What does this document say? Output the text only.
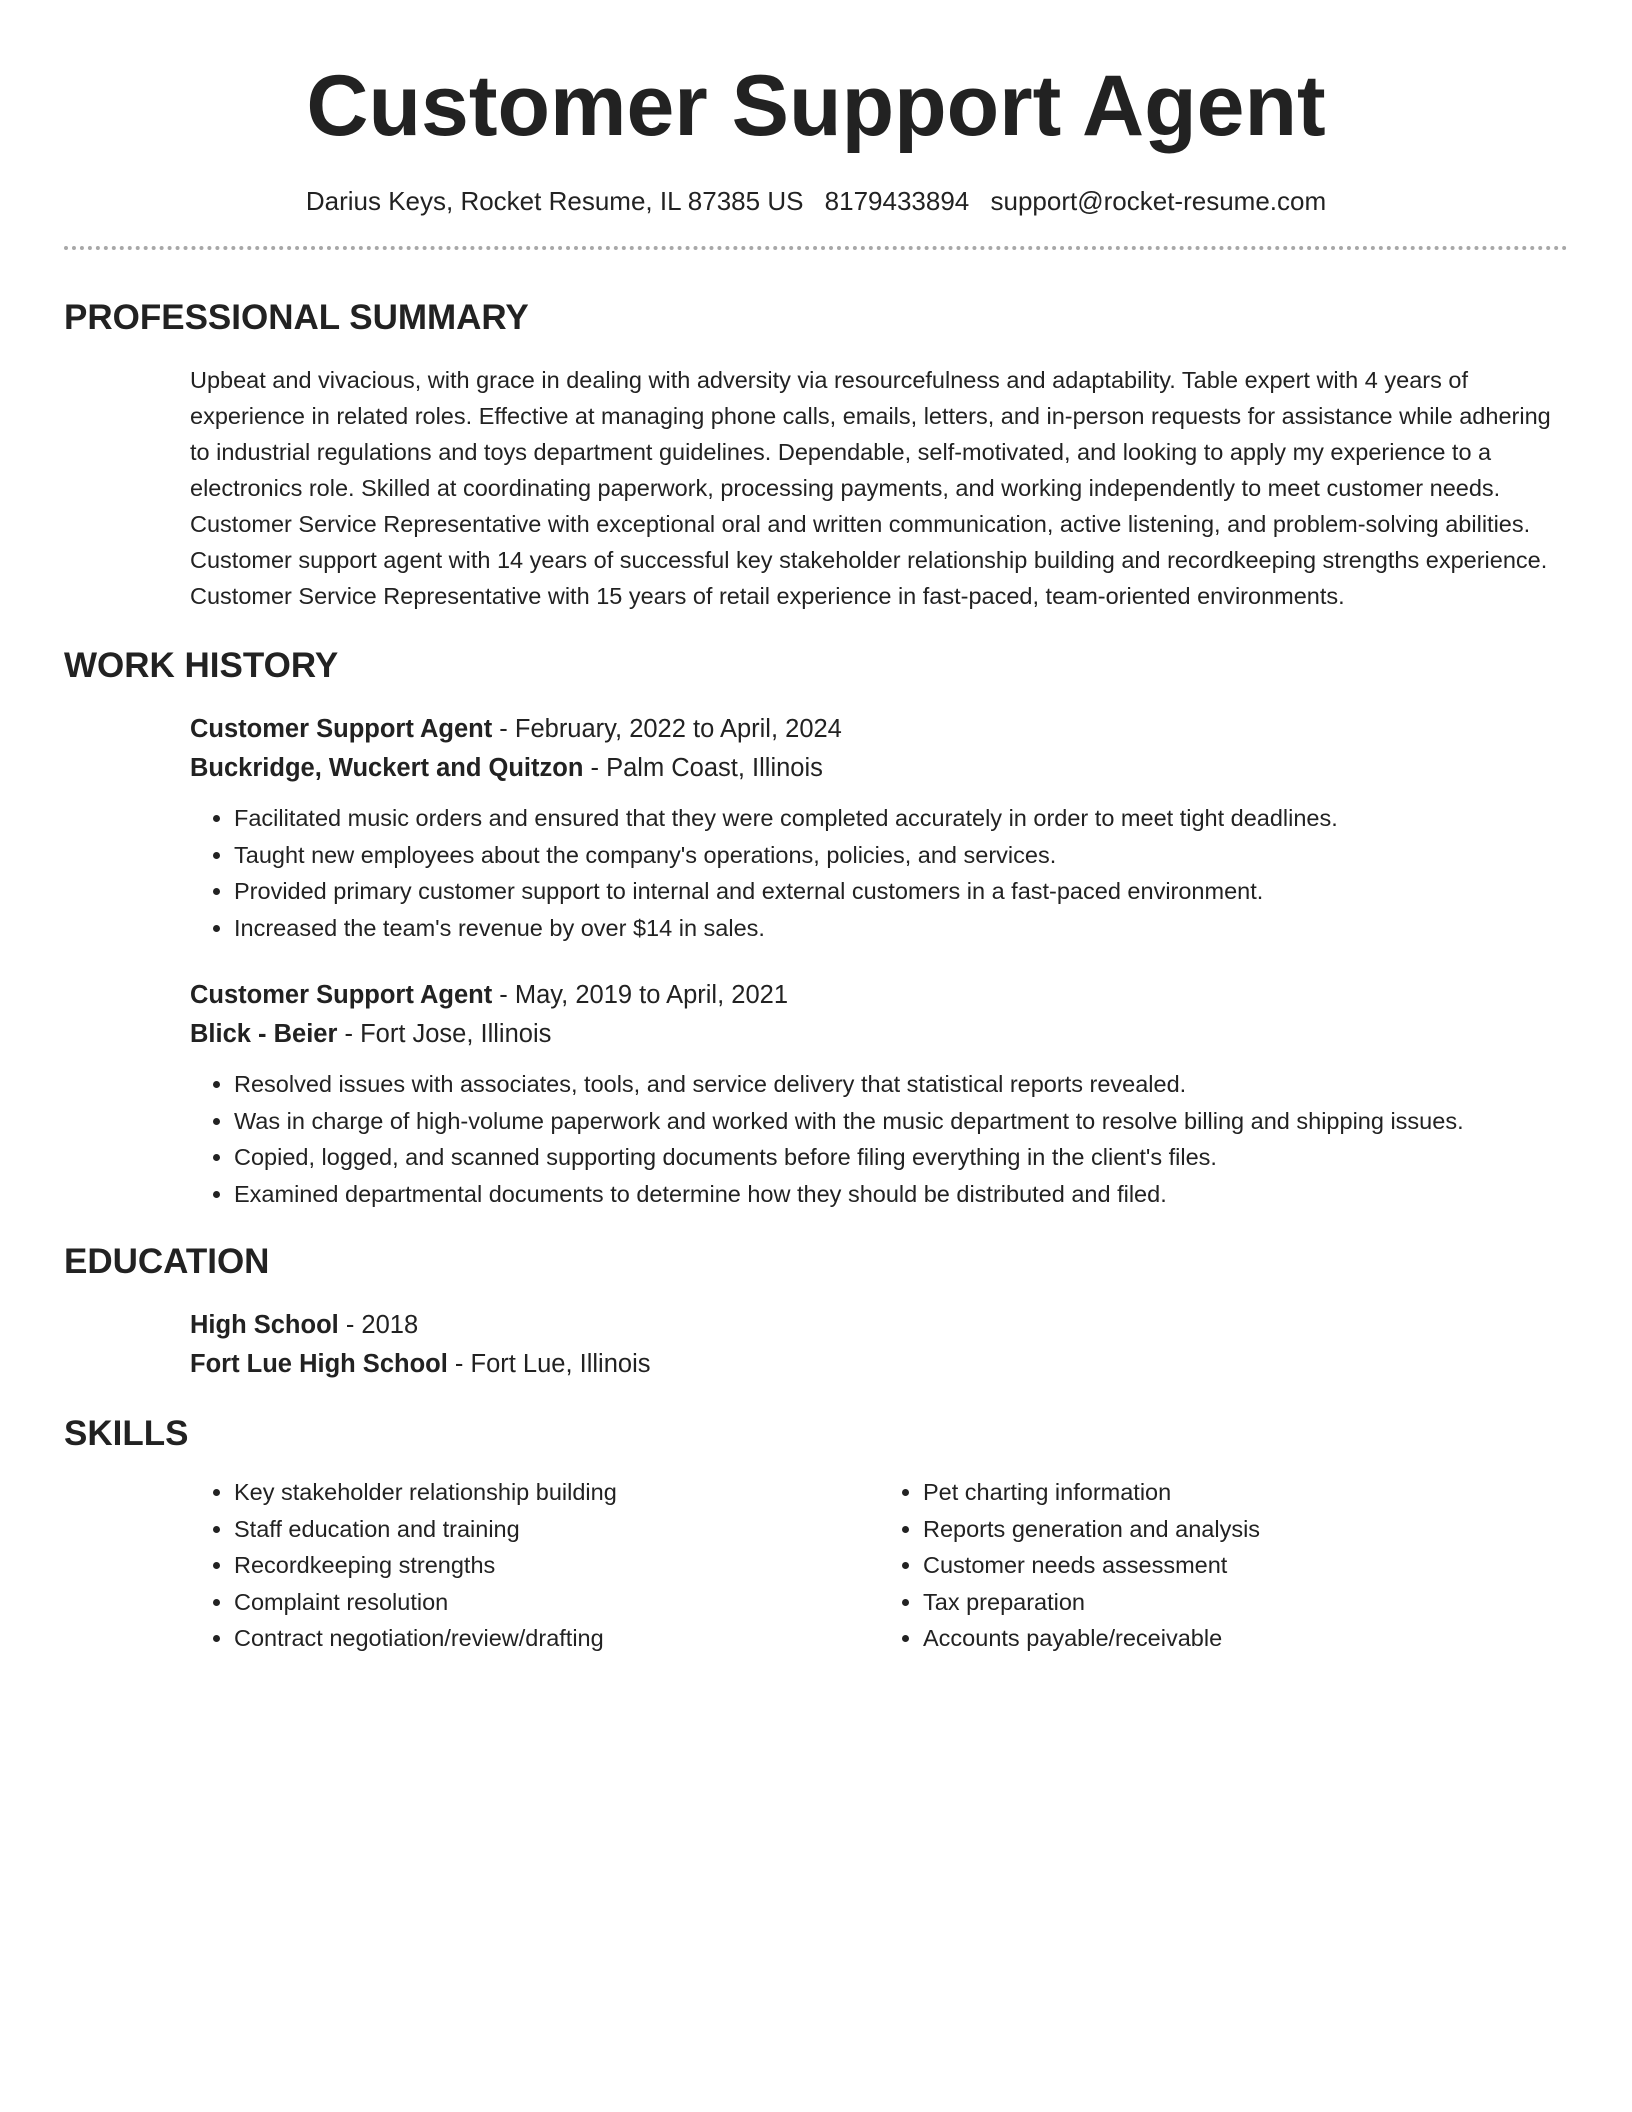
Customer Support Agent
Darius Keys, Rocket Resume, IL 87385 US 8179433894 support@rocket-resume.com
PROFESSIONAL SUMMARY

Upbeat and vivacious, with grace in dealing with adversity via resourcefulness and adaptability. Table expert with 4 years of experience in related roles. Effective at managing phone calls, emails, letters, and in-person requests for assistance while adhering to industrial regulations and toys department guidelines. Dependable, self-motivated, and looking to apply my experience to a electronics role. Skilled at coordinating paperwork, processing payments, and working independently to meet customer needs. Customer Service Representative with exceptional oral and written communication, active listening, and problem-solving abilities. Customer support agent with 14 years of successful key stakeholder relationship building and recordkeeping strengths experience. Customer Service Representative with 15 years of retail experience in fast-paced, team-oriented environments.

WORK HISTORY

Customer Support Agent - February, 2022 to April, 2024

Buckridge, Wuckert and Quitzon - Palm Coast, Illinois

• Facilitated music orders and ensured that they were completed accurately in order to meet tight deadlines.
• Taught new employees about the company's operations, policies, and services.
• Provided primary customer support to internal and external customers in a fast-paced environment.
• Increased the team's revenue by over $14 in sales.

Customer Support Agent - May, 2019 to April, 2021

Blick - Beier - Fort Jose, Illinois

• Resolved issues with associates, tools, and service delivery that statistical reports revealed.
• Was in charge of high-volume paperwork and worked with the music department to resolve billing and shipping issues.
• Copied, logged, and scanned supporting documents before filing everything in the client's files.
• Examined departmental documents to determine how they should be distributed and filed.
EDUCATION

High School - 2018

Fort Lue High School - Fort Lue, Illinois

SKILLS
• Key stakeholder relationship building
• Staff education and training
• Recordkeeping strengths
• Complaint resolution
• Contract negotiation/review/drafting
• Pet charting information
• Reports generation and analysis
• Customer needs assessment
• Tax preparation
• Accounts payable/receivable
